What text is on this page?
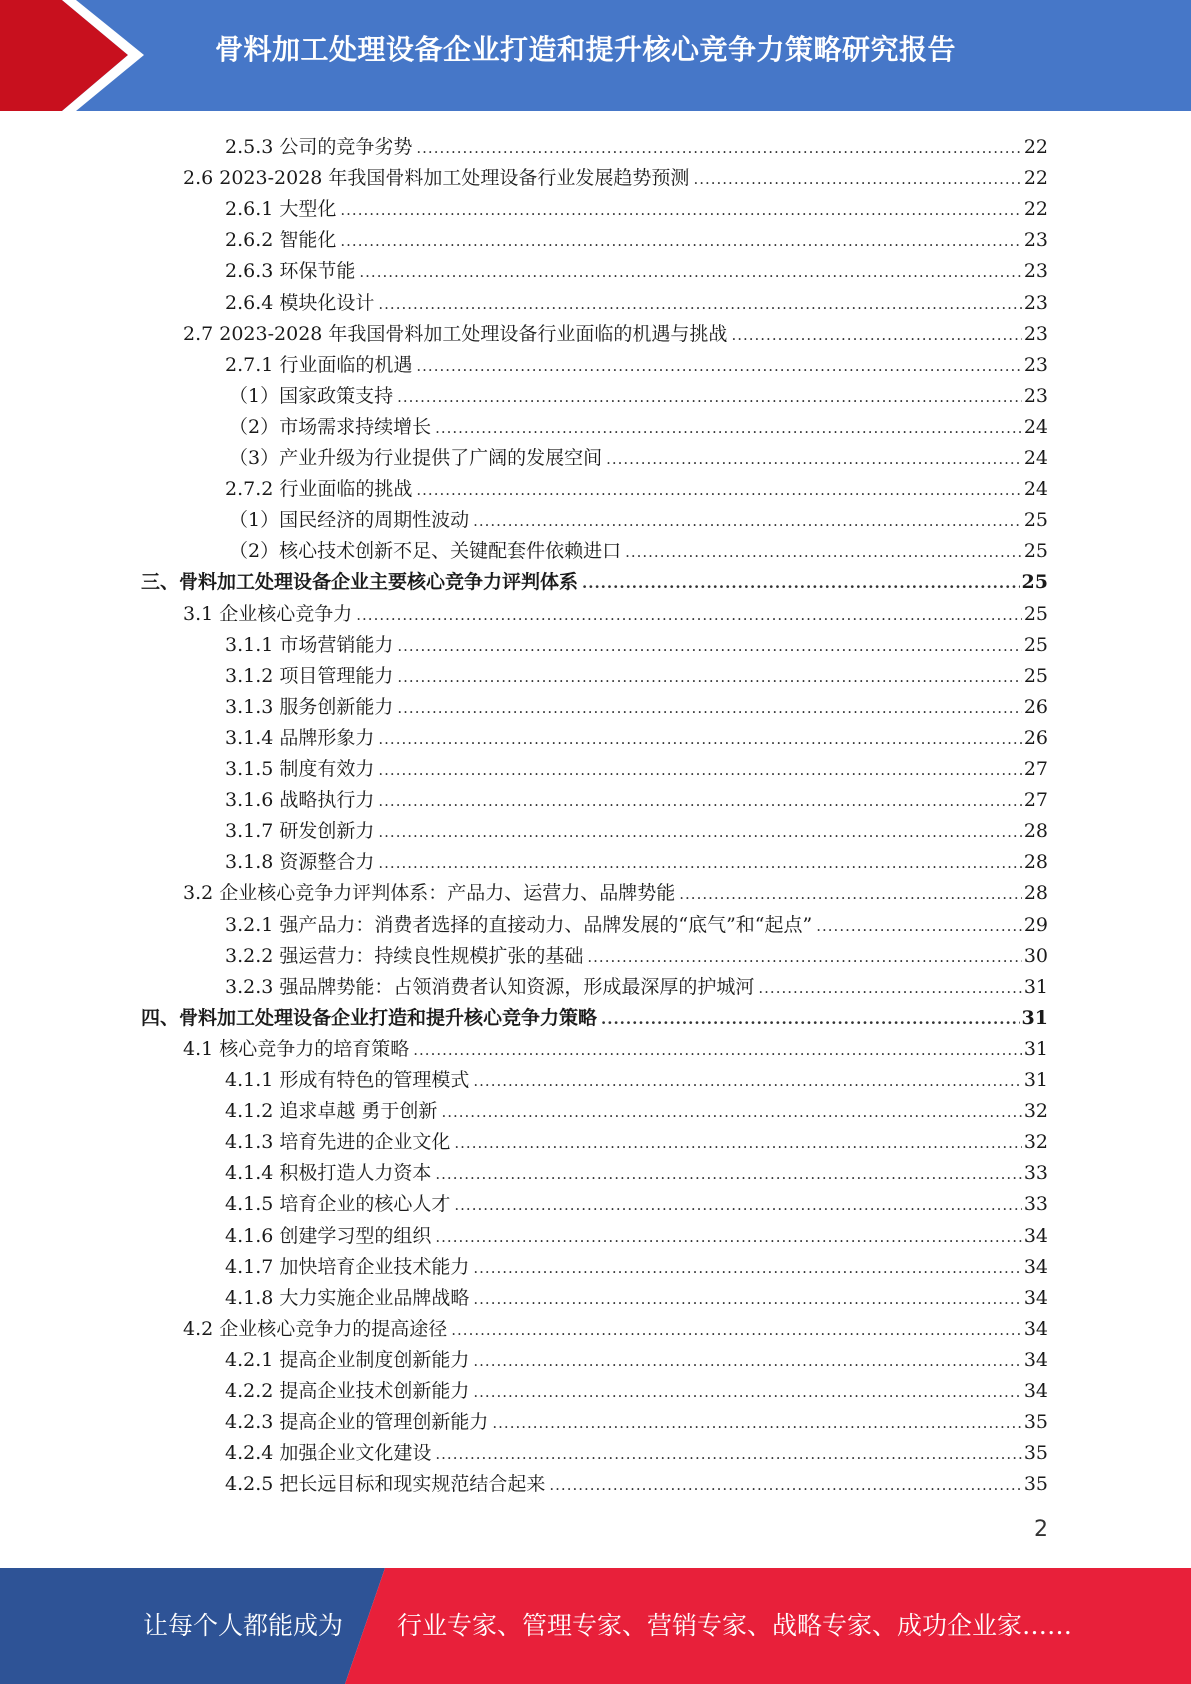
骨料加工处理设备企业打造和提升核心竞争力策略研究报告
2.5.3 公司的竞争劣势 .....	22
2.6 2023-2028 年我国骨料加工处理设备行业发展趋势预测 .....	22
2.6.1 大型化 .....	22
2.6.2 智能化 .....	23
2.6.3 环保节能 .....	23
2.6.4 模块化设计 .....	23
2.7 2023-2028 年我国骨料加工处理设备行业面临的机遇与挑战 .....	23
2.7.1 行业面临的机遇 .....	23
（1）国家政策支持 .....	23
（2）市场需求持续增长 .....	24
（3）产业升级为行业提供了广阔的发展空间 .....	24
2.7.2 行业面临的挑战 .....	24
（1）国民经济的周期性波动 .....	25
（2）核心技术创新不足、关键配套件依赖进口 .....	25
三、骨料加工处理设备企业主要核心竞争力评判体系 .....	25
3.1 企业核心竞争力 .....	25
3.1.1 市场营销能力 .....	25
3.1.2 项目管理能力 .....	25
3.1.3 服务创新能力 .....	26
3.1.4 品牌形象力 .....	26
3.1.5 制度有效力 .....	27
3.1.6 战略执行力 .....	27
3.1.7 研发创新力 .....	28
3.1.8 资源整合力 .....	28
3.2 企业核心竞争力评判体系：产品力、运营力、品牌势能 .....	28
3.2.1 强产品力：消费者选择的直接动力、品牌发展的“底气”和“起点” .....	29
3.2.2 强运营力：持续良性规模扩张的基础 .....	30
3.2.3 强品牌势能：占领消费者认知资源，形成最深厚的护城河 .....	31
四、骨料加工处理设备企业打造和提升核心竞争力策略 .....	31
4.1 核心竞争力的培育策略 .....	31
4.1.1 形成有特色的管理模式 .....	31
4.1.2 追求卓越 勇于创新 .....	32
4.1.3 培育先进的企业文化 .....	32
4.1.4 积极打造人力资本 .....	33
4.1.5 培育企业的核心人才 .....	33
4.1.6 创建学习型的组织 .....	34
4.1.7 加快培育企业技术能力 .....	34
4.1.8 大力实施企业品牌战略 .....	34
4.2 企业核心竞争力的提高途径 .....	34
4.2.1 提高企业制度创新能力 .....	34
4.2.2 提高企业技术创新能力 .....	34
4.2.3 提高企业的管理创新能力 .....	35
4.2.4 加强企业文化建设 .....	35
4.2.5 把长远目标和现实规范结合起来 .....	35
2
让每个人都能成为 行业专家、管理专家、营销专家、战略专家、成功企业家……
